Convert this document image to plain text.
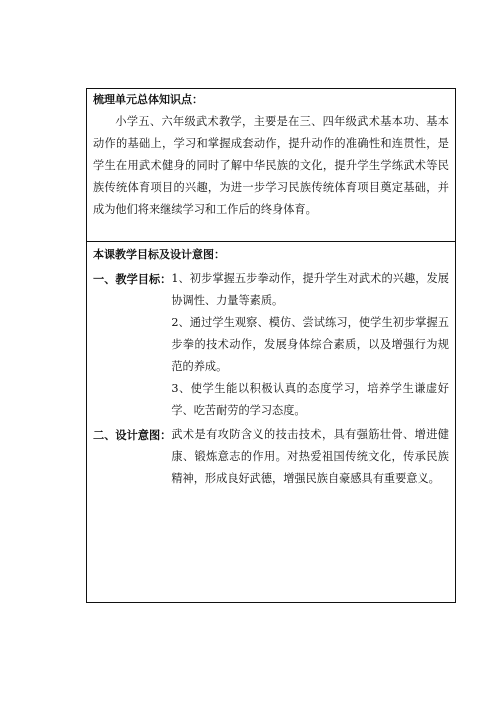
梳理单元总体知识点：

小学五、六年级武术教学，主要是在三、四年级武术基本功、基本动作的基础上，学习和掌握成套动作，提升动作的准确性和连贯性，是学生在用武术健身的同时了解中华民族的文化，提升学生学练武术等民族传统体育项目的兴趣，为进一步学习民族传统体育项目奠定基础，并成为他们将来继续学习和工作后的终身体育。

本课教学目标及设计意图：
一、教学目标： 1、初步掌握五步拳动作，提升学生对武术的兴趣，发展协调性、力量等素质。

2、通过学生观察、模仿、尝试练习，使学生初步掌握五步拳的技术动作，发展身体综合素质，以及增强行为规范的养成。

3、使学生能以积极认真的态度学习，培养学生谦虚好学、吃苦耐劳的学习态度。

二、设计意图： 武术是有攻防含义的技击技术，具有强筋壮骨、增进健康、锻炼意志的作用。对热爱祖国传统文化，传承民族精神，形成良好武德，增强民族自豪感具有重要意义。
